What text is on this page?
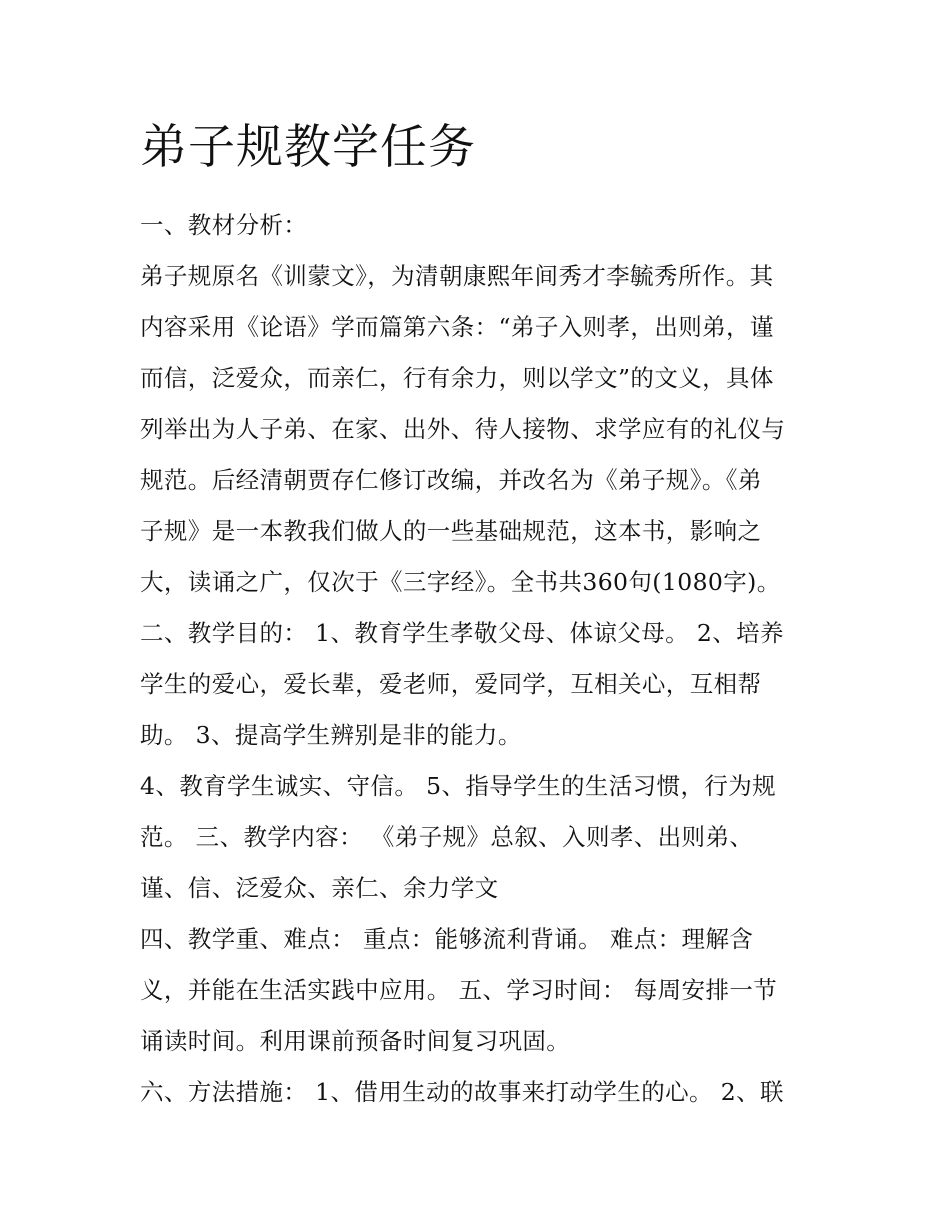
弟子规教学任务
一、教材分析：
弟子规原名《训蒙文》，为清朝康熙年间秀才李毓秀所作。其
内容采用《论语》学而篇第六条：“弟子入则孝，出则弟，谨
而信，泛爱众，而亲仁，行有余力，则以学文”的文义，具体
列举出为人子弟、在家、出外、待人接物、求学应有的礼仪与
规范。后经清朝贾存仁修订改编，并改名为《弟子规》。《弟
子规》是一本教我们做人的一些基础规范，这本书，影响之
大，读诵之广，仅次于《三字经》。全书共360句(1080字)。
二、教学目的： 1、教育学生孝敬父母、体谅父母。 2、培养
学生的爱心，爱长辈，爱老师，爱同学，互相关心，互相帮
助。 3、提高学生辨别是非的能力。
4、教育学生诚实、守信。 5、指导学生的生活习惯，行为规
范。 三、教学内容： 《弟子规》总叙、入则孝、出则弟、
谨、信、泛爱众、亲仁、余力学文
四、教学重、难点： 重点：能够流利背诵。 难点：理解含
义，并能在生活实践中应用。 五、学习时间： 每周安排一节
诵读时间。利用课前预备时间复习巩固。
六、方法措施： 1、借用生动的故事来打动学生的心。 2、联
